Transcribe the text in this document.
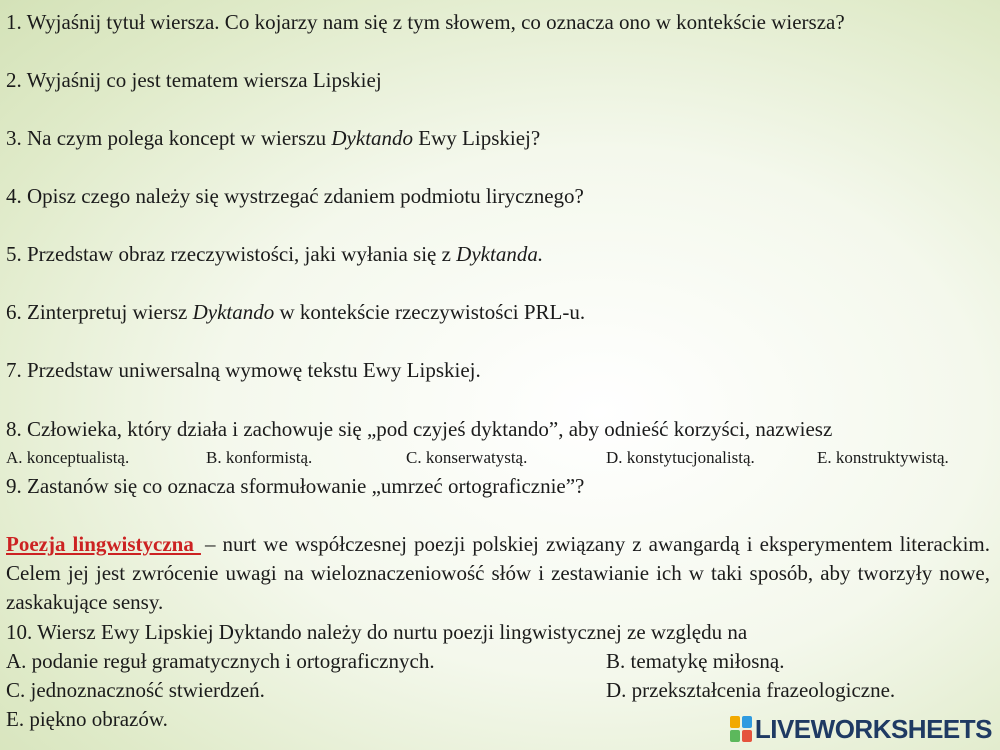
1. Wyjaśnij tytuł wiersza. Co kojarzy nam się z tym słowem, co oznacza ono w kontekście wiersza?
2. Wyjaśnij co jest tematem wiersza Lipskiej
3. Na czym polega koncept w wierszu Dyktando Ewy Lipskiej?
4. Opisz czego należy się wystrzegać zdaniem podmiotu lirycznego?
5. Przedstaw obraz rzeczywistości, jaki wyłania się z Dyktanda.
6. Zinterpretuj wiersz Dyktando w kontekście rzeczywistości PRL-u.
7. Przedstaw uniwersalną wymowę tekstu Ewy Lipskiej.
8. Człowieka, który działa i zachowuje się „pod czyjeś dyktando”, aby odnieść korzyści, nazwiesz
A. konceptualistą.	B. konformistą.	C. konserwatystą.	D. konstytucjonalistą.	E. konstruktywistą.
9. Zastanów się co oznacza sformułowanie „umrzeć ortograficznie”?
Poezja lingwistyczna – nurt we współczesnej poezji polskiej związany z awangardą i eksperymentem literackim. Celem jej jest zwrócenie uwagi na wieloznaczeniowość słów i zestawianie ich w taki sposób, aby tworzyły nowe, zaskakujące sensy.
10. Wiersz Ewy Lipskiej Dyktando należy do nurtu poezji lingwistycznej ze względu na
A. podanie reguł gramatycznych i ortograficznych.	B. tematykę miłosną.
C. jednoznaczność stwierdzeń.	D. przekształcenia frazeologiczne.
E. piękno obrazów.	LIVEWORKSHEETS
